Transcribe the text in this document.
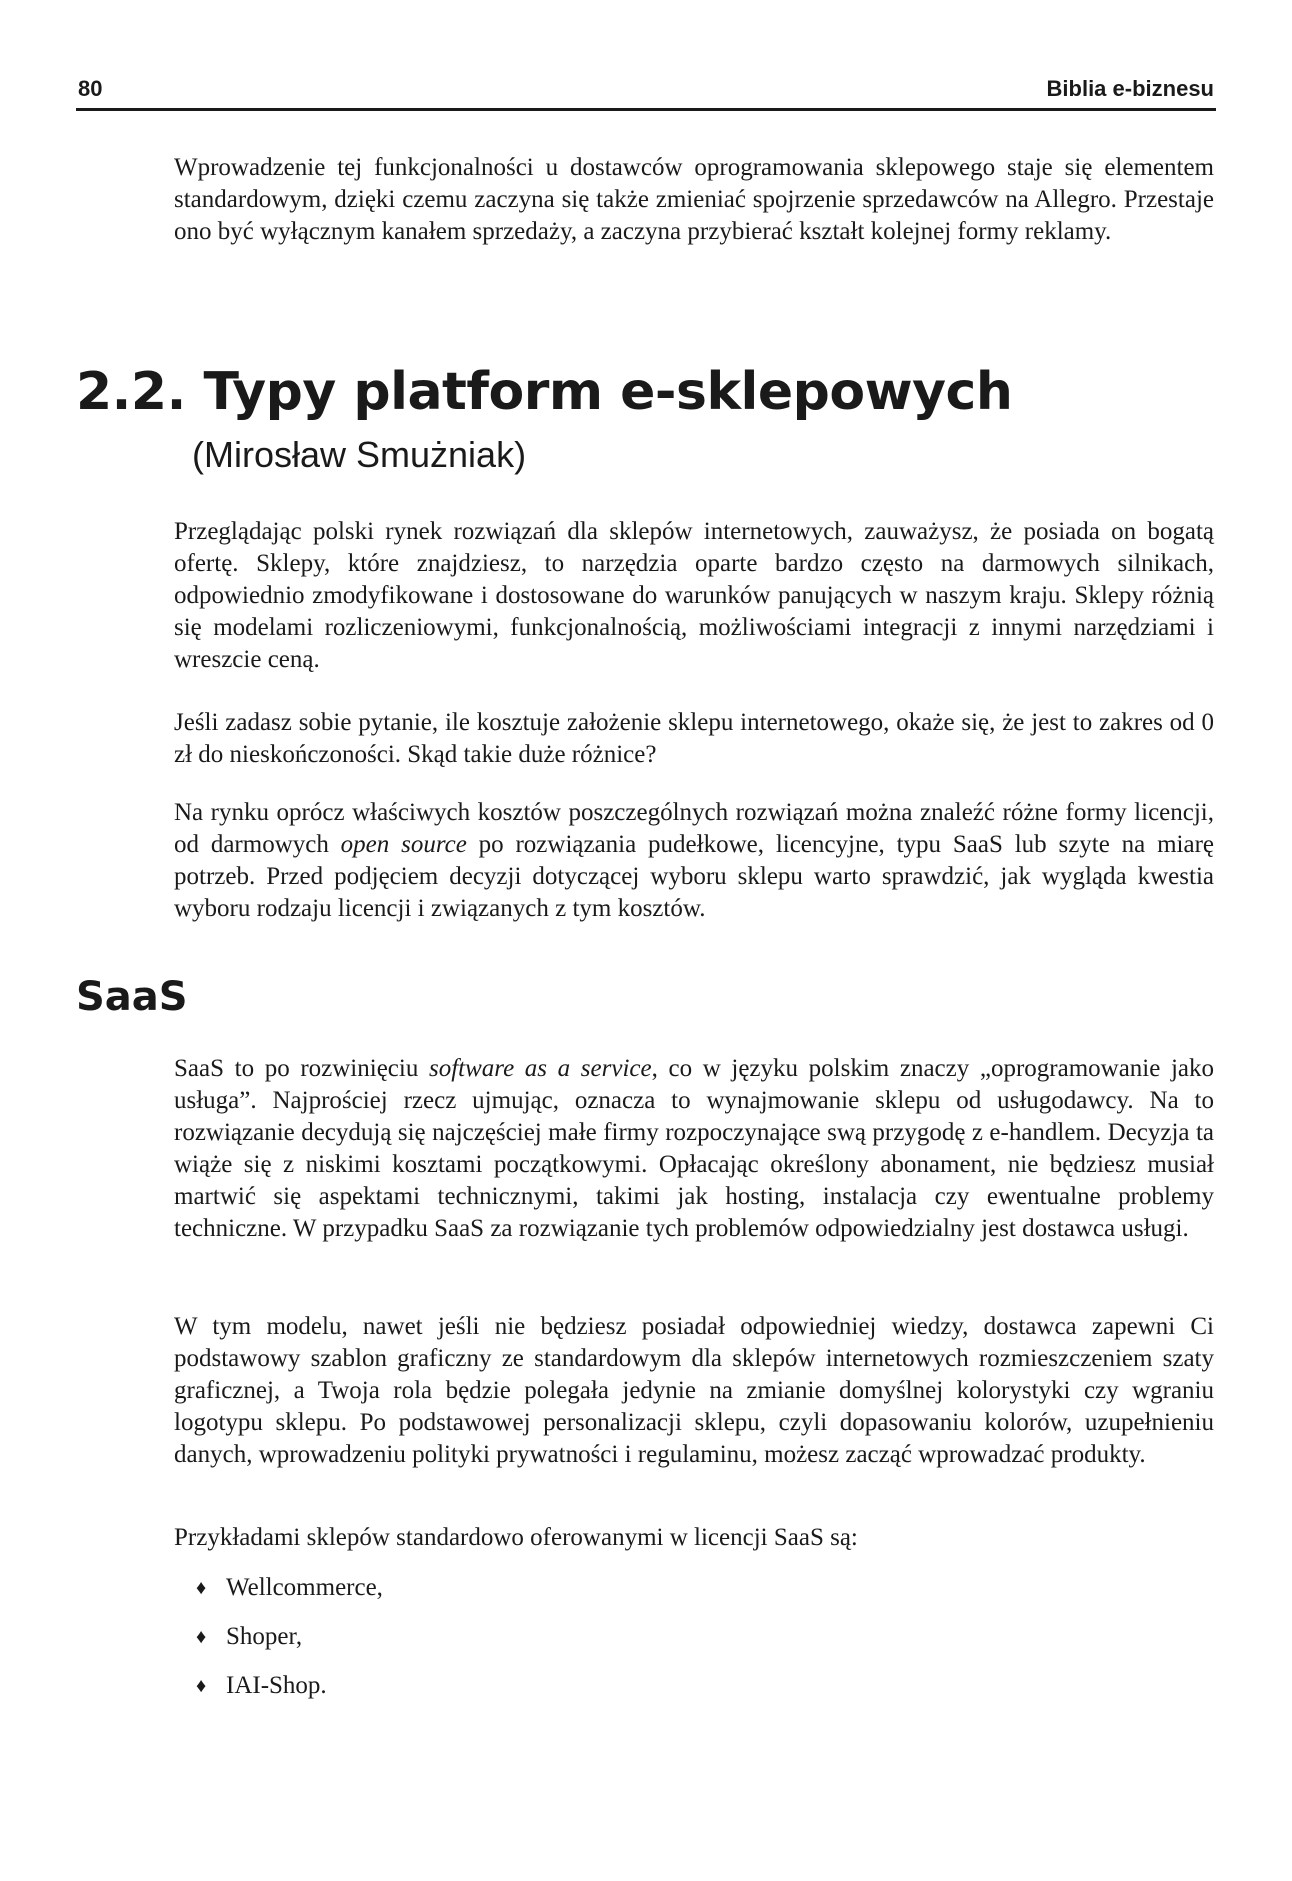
80	Biblia e-biznesu

Wprowadzenie tej funkcjonalności u dostawców oprogramowania sklepowego staje się elementem standardowym, dzięki czemu zaczyna się także zmieniać spojrzenie sprzedawców na Allegro. Przestaje ono być wyłącznym kanałem sprzedaży, a zaczyna przybierać kształt kolejnej formy reklamy.

2.2. Typy platform e-sklepowych

(Mirosław Smużniak)

Przeglądając polski rynek rozwiązań dla sklepów internetowych, zauważysz, że posiada on bogatą ofertę. Sklepy, które znajdziesz, to narzędzia oparte bardzo często na darmowych silnikach, odpowiednio zmodyfikowane i dostosowane do warunków panujących w naszym kraju. Sklepy różnią się modelami rozliczeniowymi, funkcjonalnością, możliwościami integracji z innymi narzędziami i wreszcie ceną.

Jeśli zadasz sobie pytanie, ile kosztuje założenie sklepu internetowego, okaże się, że jest to zakres od 0 zł do nieskończoności. Skąd takie duże różnice?

Na rynku oprócz właściwych kosztów poszczególnych rozwiązań można znaleźć różne formy licencji, od darmowych open source po rozwiązania pudełkowe, licencyjne, typu SaaS lub szyte na miarę potrzeb. Przed podjęciem decyzji dotyczącej wyboru sklepu warto sprawdzić, jak wygląda kwestia wyboru rodzaju licencji i związanych z tym kosztów.

SaaS

SaaS to po rozwinięciu software as a service, co w języku polskim znaczy „oprogramowanie jako usługa”. Najprościej rzecz ujmując, oznacza to wynajmowanie sklepu od usługodawcy. Na to rozwiązanie decydują się najczęściej małe firmy rozpoczynające swą przygodę z e-handlem. Decyzja ta wiąże się z niskimi kosztami początkowymi. Opłacając określony abonament, nie będziesz musiał martwić się aspektami technicznymi, takimi jak hosting, instalacja czy ewentualne problemy techniczne. W przypadku SaaS za rozwiązanie tych problemów odpowiedzialny jest dostawca usługi.

W tym modelu, nawet jeśli nie będziesz posiadał odpowiedniej wiedzy, dostawca zapewni Ci podstawowy szablon graficzny ze standardowym dla sklepów internetowych rozmieszczeniem szaty graficznej, a Twoja rola będzie polegała jedynie na zmianie domyślnej kolorystyki czy wgraniu logotypu sklepu. Po podstawowej personalizacji sklepu, czyli dopasowaniu kolorów, uzupełnieniu danych, wprowadzeniu polityki prywatności i regulaminu, możesz zacząć wprowadzać produkty.

Przykładami sklepów standardowo oferowanymi w licencji SaaS są:

♦ Wellcommerce,
♦ Shoper,
♦ IAI-Shop.
